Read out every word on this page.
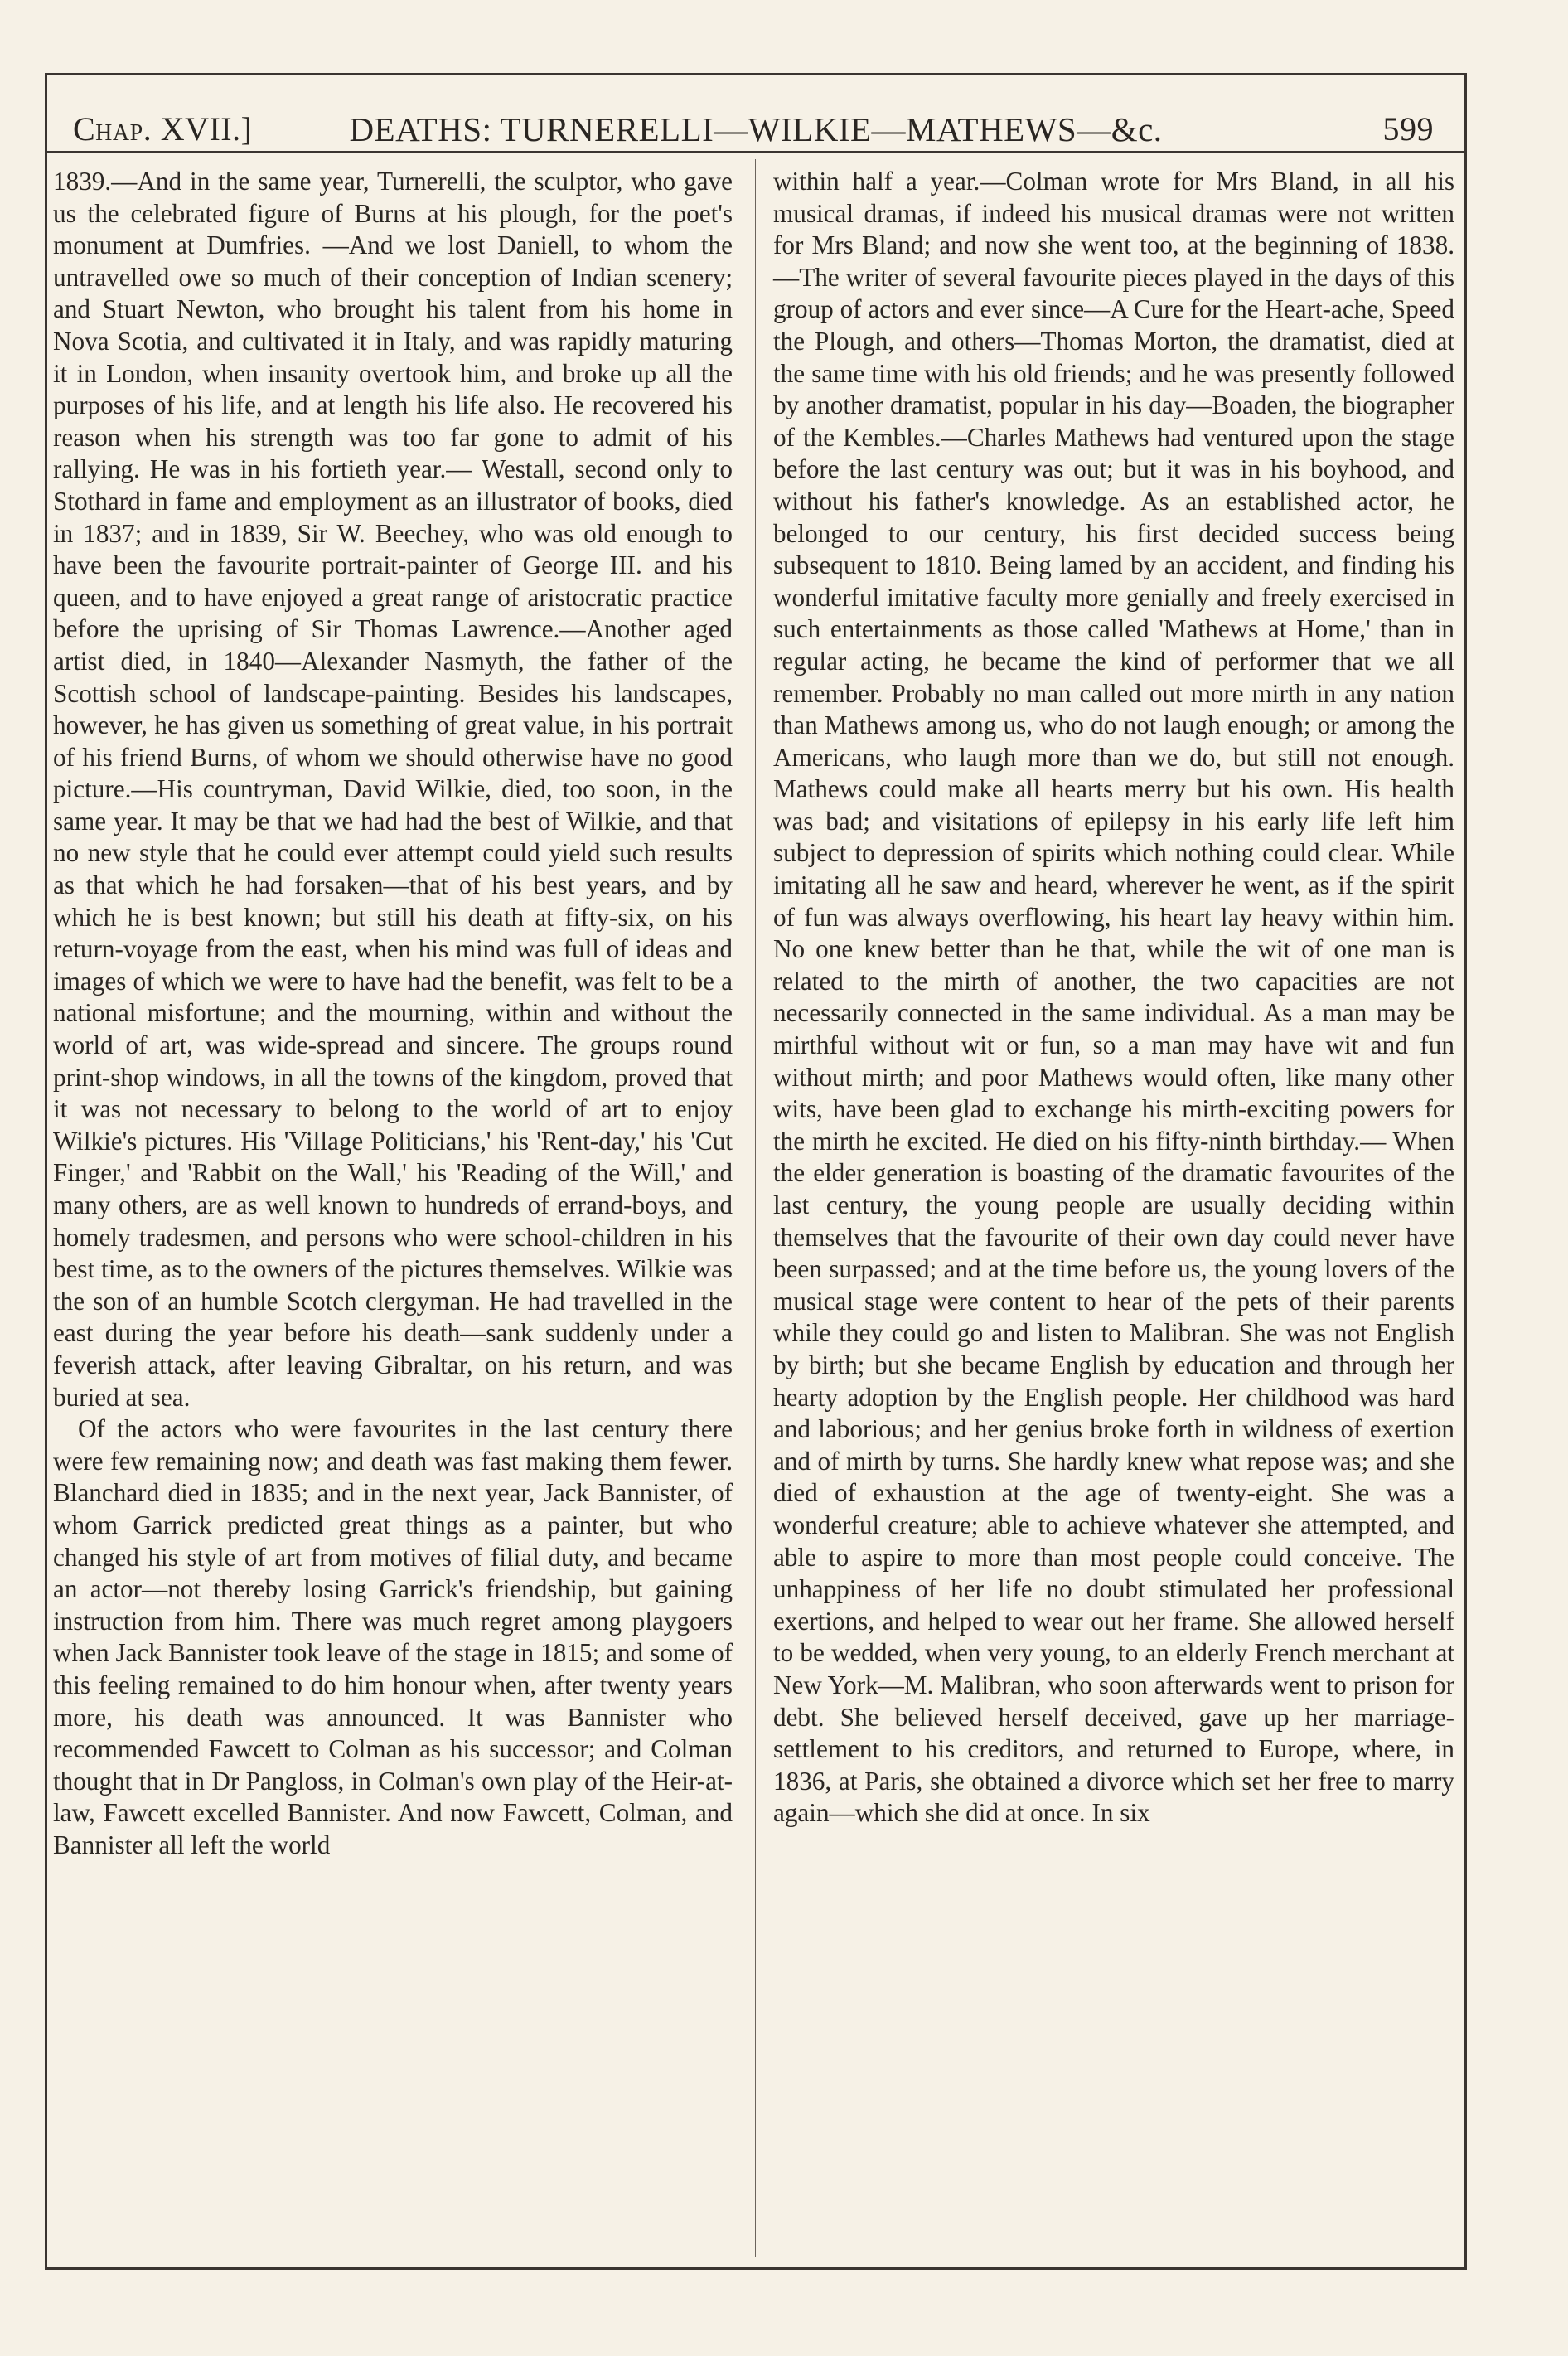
Chap. XVII.]	DEATHS: TURNERELLI—WILKIE—MATHEWS—&c.	599

1839.—And in the same year, Turnerelli, the sculptor, who gave us the celebrated figure of Burns at his plough, for the poet's monument at Dumfries. —And we lost Daniell, to whom the untravelled owe so much of their conception of Indian scenery; and Stuart Newton, who brought his talent from his home in Nova Scotia, and cultivated it in Italy, and was rapidly maturing it in London, when insanity overtook him, and broke up all the purposes of his life, and at length his life also. He recovered his reason when his strength was too far gone to admit of his rallying. He was in his fortieth year.— Westall, second only to Stothard in fame and employment as an illustrator of books, died in 1837; and in 1839, Sir W. Beechey, who was old enough to have been the favourite portrait-painter of George III. and his queen, and to have enjoyed a great range of aristocratic practice before the uprising of Sir Thomas Lawrence.—Another aged artist died, in 1840—Alexander Nasmyth, the father of the Scottish school of landscape-painting. Besides his landscapes, however, he has given us something of great value, in his portrait of his friend Burns, of whom we should otherwise have no good picture.—His countryman, David Wilkie, died, too soon, in the same year. It may be that we had had the best of Wilkie, and that no new style that he could ever attempt could yield such results as that which he had forsaken—that of his best years, and by which he is best known; but still his death at fifty-six, on his return-voyage from the east, when his mind was full of ideas and images of which we were to have had the benefit, was felt to be a national misfortune; and the mourning, within and without the world of art, was wide-spread and sincere. The groups round print-shop windows, in all the towns of the kingdom, proved that it was not necessary to belong to the world of art to enjoy Wilkie's pictures. His 'Village Politicians,' his 'Rent-day,' his 'Cut Finger,' and 'Rabbit on the Wall,' his 'Reading of the Will,' and many others, are as well known to hundreds of errand-boys, and homely tradesmen, and persons who were school-children in his best time, as to the owners of the pictures themselves. Wilkie was the son of an humble Scotch clergyman. He had travelled in the east during the year before his death—sank suddenly under a feverish attack, after leaving Gibraltar, on his return, and was buried at sea.

Of the actors who were favourites in the last century there were few remaining now; and death was fast making them fewer. Blanchard died in 1835; and in the next year, Jack Bannister, of whom Garrick predicted great things as a painter, but who changed his style of art from motives of filial duty, and became an actor—not thereby losing Garrick's friendship, but gaining instruction from him. There was much regret among playgoers when Jack Bannister took leave of the stage in 1815; and some of this feeling remained to do him honour when, after twenty years more, his death was announced. It was Bannister who recommended Fawcett to Colman as his successor; and Colman thought that in Dr Pangloss, in Colman's own play of the Heir-at-law, Fawcett excelled Bannister. And now Fawcett, Colman, and Bannister all left the world

within half a year.—Colman wrote for Mrs Bland, in all his musical dramas, if indeed his musical dramas were not written for Mrs Bland; and now she went too, at the beginning of 1838.—The writer of several favourite pieces played in the days of this group of actors and ever since—A Cure for the Heart-ache, Speed the Plough, and others—Thomas Morton, the dramatist, died at the same time with his old friends; and he was presently followed by another dramatist, popular in his day—Boaden, the biographer of the Kembles.—Charles Mathews had ventured upon the stage before the last century was out; but it was in his boyhood, and without his father's knowledge. As an established actor, he belonged to our century, his first decided success being subsequent to 1810. Being lamed by an accident, and finding his wonderful imitative faculty more genially and freely exercised in such entertainments as those called 'Mathews at Home,' than in regular acting, he became the kind of performer that we all remember. Probably no man called out more mirth in any nation than Mathews among us, who do not laugh enough; or among the Americans, who laugh more than we do, but still not enough. Mathews could make all hearts merry but his own. His health was bad; and visitations of epilepsy in his early life left him subject to depression of spirits which nothing could clear. While imitating all he saw and heard, wherever he went, as if the spirit of fun was always overflowing, his heart lay heavy within him. No one knew better than he that, while the wit of one man is related to the mirth of another, the two capacities are not necessarily connected in the same individual. As a man may be mirthful without wit or fun, so a man may have wit and fun without mirth; and poor Mathews would often, like many other wits, have been glad to exchange his mirth-exciting powers for the mirth he excited. He died on his fifty-ninth birthday.— When the elder generation is boasting of the dramatic favourites of the last century, the young people are usually deciding within themselves that the favourite of their own day could never have been surpassed; and at the time before us, the young lovers of the musical stage were content to hear of the pets of their parents while they could go and listen to Malibran. She was not English by birth; but she became English by education and through her hearty adoption by the English people. Her childhood was hard and laborious; and her genius broke forth in wildness of exertion and of mirth by turns. She hardly knew what repose was; and she died of exhaustion at the age of twenty-eight. She was a wonderful creature; able to achieve whatever she attempted, and able to aspire to more than most people could conceive. The unhappiness of her life no doubt stimulated her professional exertions, and helped to wear out her frame. She allowed herself to be wedded, when very young, to an elderly French merchant at New York—M. Malibran, who soon afterwards went to prison for debt. She believed herself deceived, gave up her marriage-settlement to his creditors, and returned to Europe, where, in 1836, at Paris, she obtained a divorce which set her free to marry again—which she did at once. In six
